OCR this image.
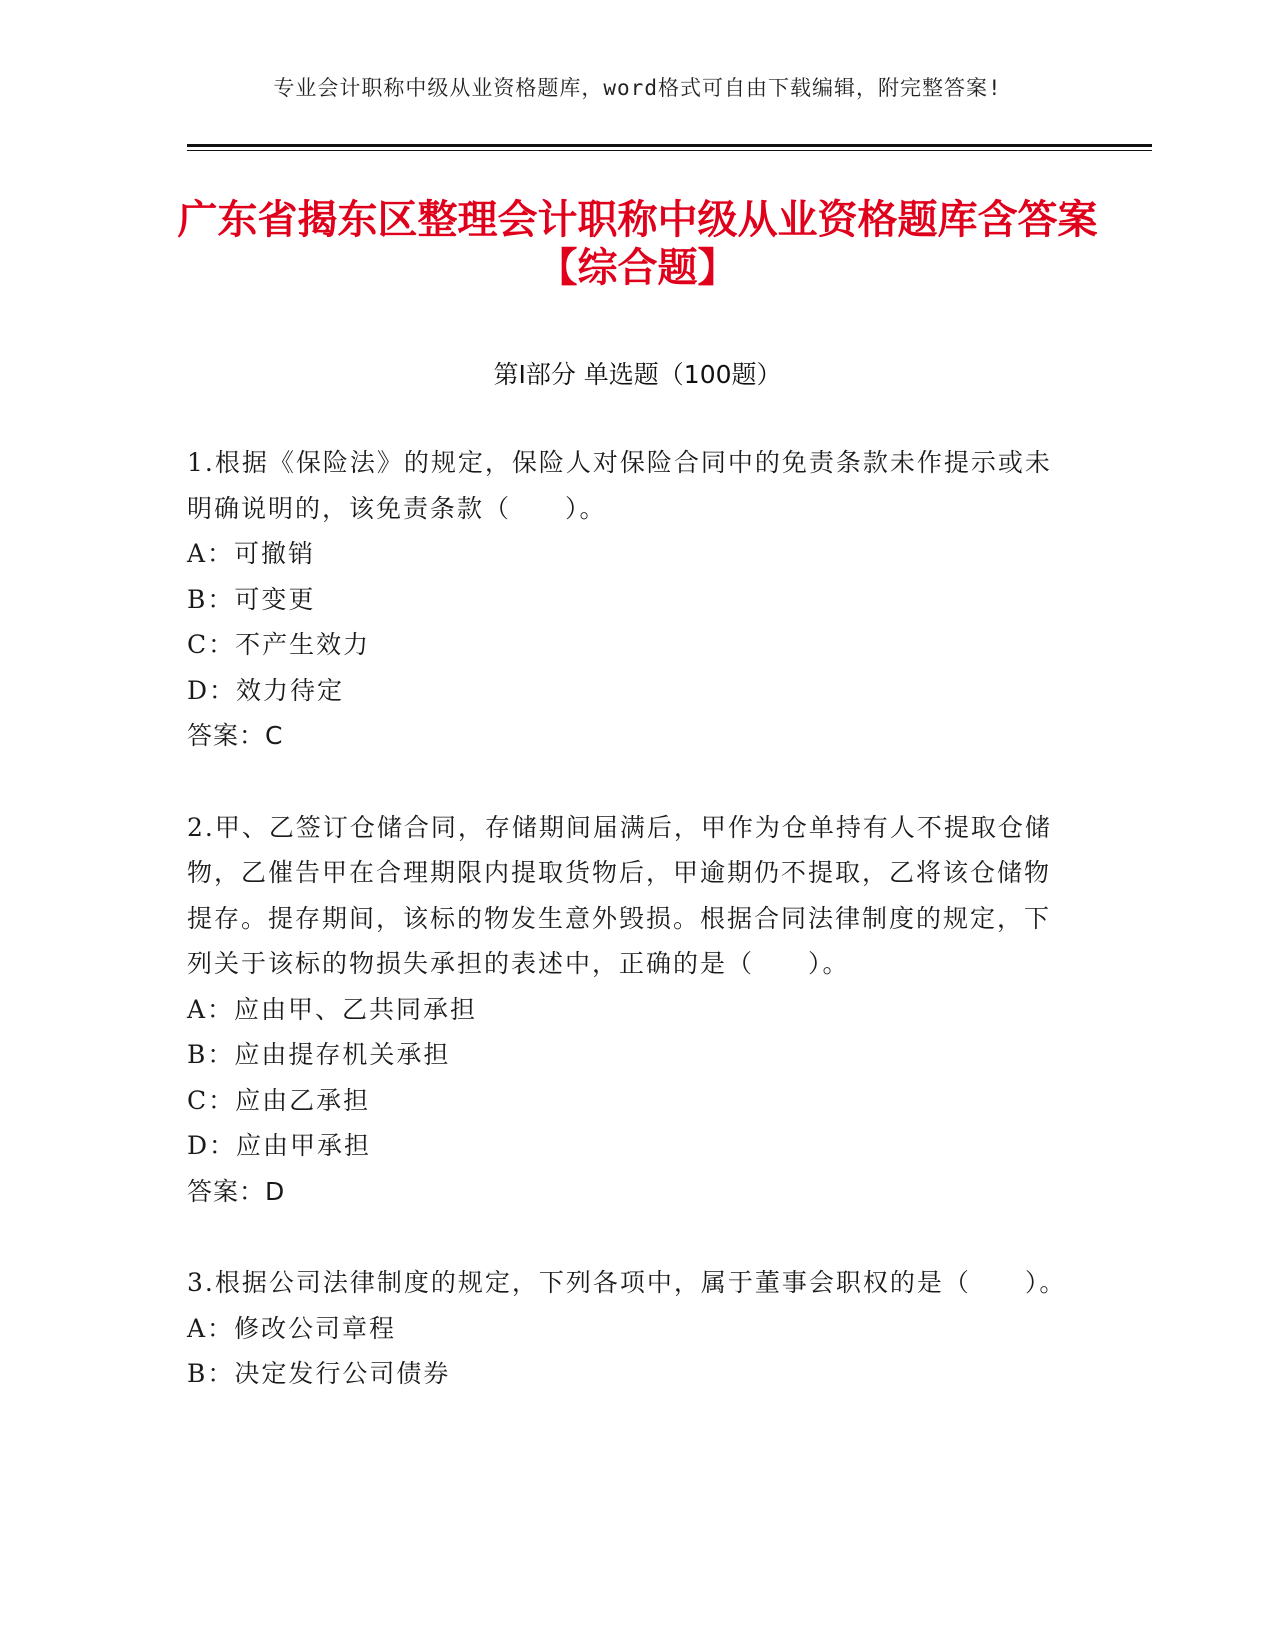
专业会计职称中级从业资格题库，word格式可自由下载编辑，附完整答案!
广东省揭东区整理会计职称中级从业资格题库含答案【综合题】
第Ⅰ部分 单选题（100题）

1.根据《保险法》的规定，保险人对保险合同中的免责条款未作提示或未明确说明的，该免责条款（　　）。

A：可撤销

B：可变更

C：不产生效力

D：效力待定

答案：C

2.甲、乙签订仓储合同，存储期间届满后，甲作为仓单持有人不提取仓储物，乙催告甲在合理期限内提取货物后，甲逾期仍不提取，乙将该仓储物提存。提存期间，该标的物发生意外毁损。根据合同法律制度的规定，下列关于该标的物损失承担的表述中，正确的是（　　）。

A：应由甲、乙共同承担

B：应由提存机关承担

C：应由乙承担

D：应由甲承担

答案：D

3.根据公司法律制度的规定，下列各项中，属于董事会职权的是（　　）。

A：修改公司章程

B：决定发行公司债券
